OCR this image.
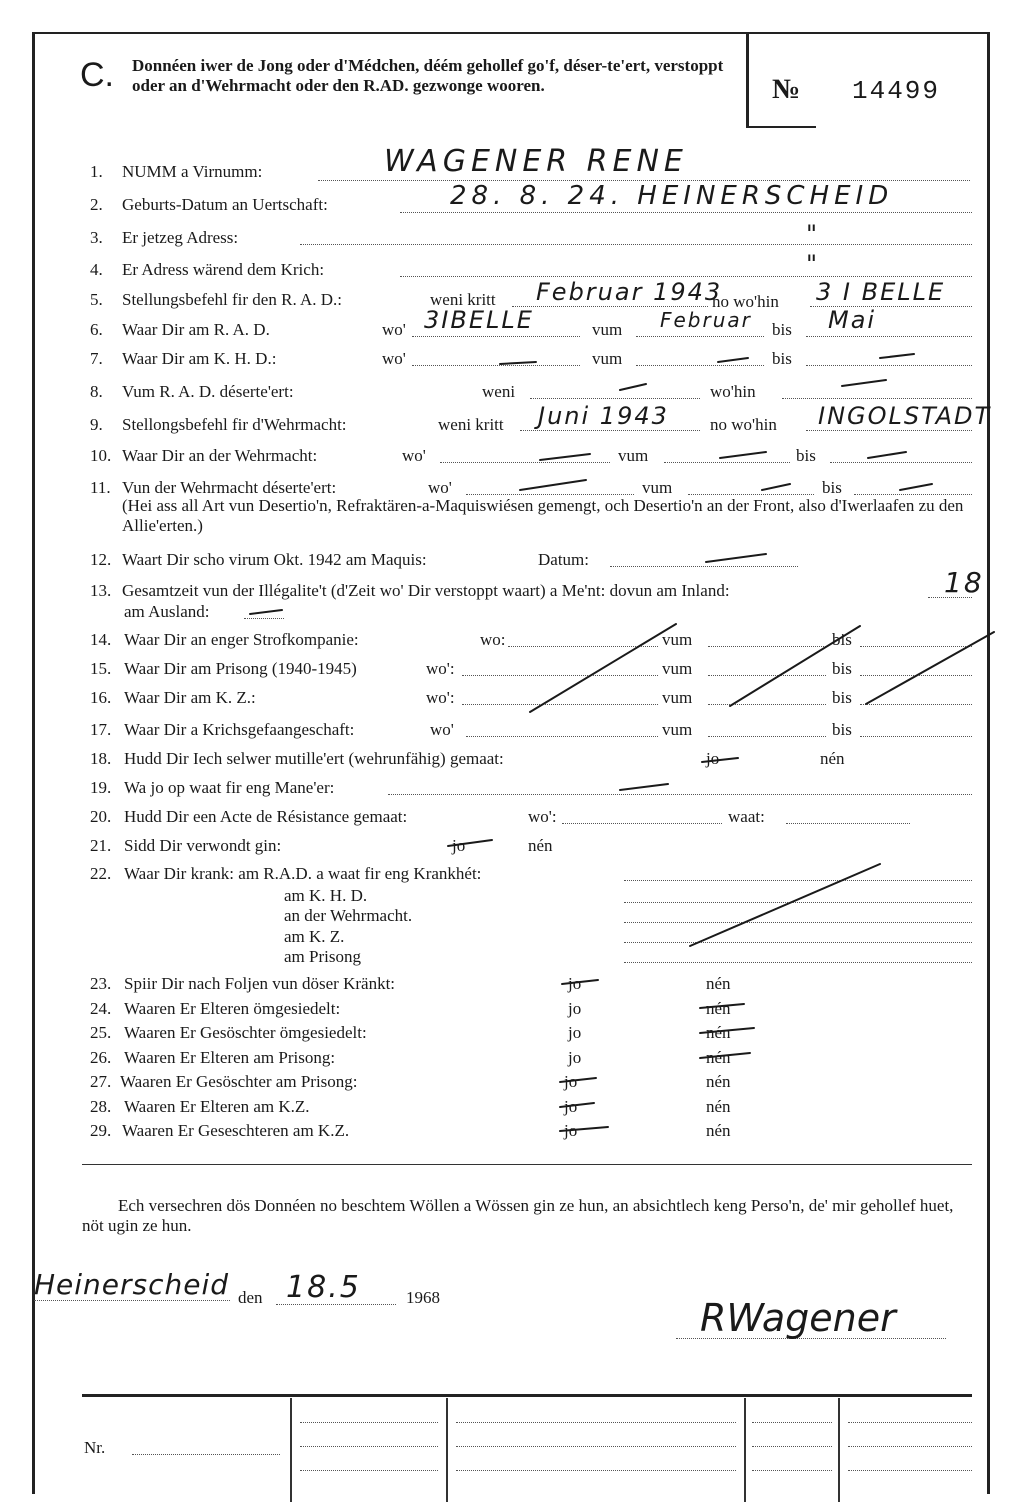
C. Donnéen iwer de Jong oder d'Médchen, déém gehollef go'f, déser-te'ert, verstoppt oder an d'Wehrmacht oder den R.AD. gezwonge wooren.	№ 14499
1. NUMM a Virnumm:	WAGENER RENE
2. Geburts-Datum an Uertschaft:	28. 8. 24. HEINERSCHEID
3. Er jetzeg Adress:	"
4. Er Adress wärend dem Krich:	"
5. Stellungsbefehl fir den R. A. D.:	weni kritt Februar 1943
no wo'hin 3 I BELLE
6. Waar Dir am R. A. D.	wo' 3IBELLE	vum Februar bis Mai
7. Waar Dir am K. H. D.:	wo'	vum	bis
8. Vum R. A. D. déserte'ert:	weni	wo'hin
9. Stellongsbefehl fir d'Wehrmacht:	weni kritt Juni 1943 no wo'hin INGOLSTADT
10. Waar Dir an der Wehrmacht:	wo'	vum	bis
11. Vun der Wehrmacht déserte'ert:	wo'	vum	bis
(Hei ass all Art vun Desertio'n, Refraktären-a-Maquiswiésen gemengt, och Desertio'n an der Front, also d'Iwerlaafen zu den Allie'erten.)
12. Waart Dir scho virum Okt. 1942 am Maquis:	Datum:
13. Gesamtzeit vun der Illégalite't (d'Zeit wo' Dir verstoppt waart) a Me'nt: dovun am Inland:	18
am Ausland:
14. Waar Dir an enger Strofkompanie:	wo:	vum	bis
15. Waar Dir am Prisong (1940-1945)	wo':	vum	bis
16. Waar Dir am K. Z.:	wo':	vum	bis
17. Waar Dir a Krichsgefaangeschaft:	wo'	vum	bis
18. Hudd Dir Iech selwer mutille'ert (wehrunfähig) gemaat:	jo	nén
19. Wa jo op waat fir eng Mane'er:
20. Hudd Dir een Acte de Résistance gemaat:	wo':	waat:
21. Sidd Dir verwondt gin:	jo	nén
22. Waar Dir krank: am R.A.D. a waat fir eng Krankhét:
am K. H. D.
an der Wehrmacht.
am K. Z.
am Prisong
23. Spiir Dir nach Foljen vun döser Kränkt:	jo	nén
24. Waaren Er Elteren ömgesiedelt:	jo	nén
25. Waaren Er Gesöschter ömgesiedelt:	jo	nén
26. Waaren Er Elteren am Prisong:	jo	nén
27. Waaren Er Gesöschter am Prisong:	jo	nén
28. Waaren Er Elteren am K.Z.	jo	nén
29. Waaren Er Geseschteren am K.Z.	jo	nén
Ech versechren dös Donnéen no beschtem Wöllen a Wössen gin ze hun, an absichtlech keng Perso'n, de' mir gehollef huet, nöt ugin ze hun.
Heinerscheid den 18.5	1968	RWagener
Nr.
